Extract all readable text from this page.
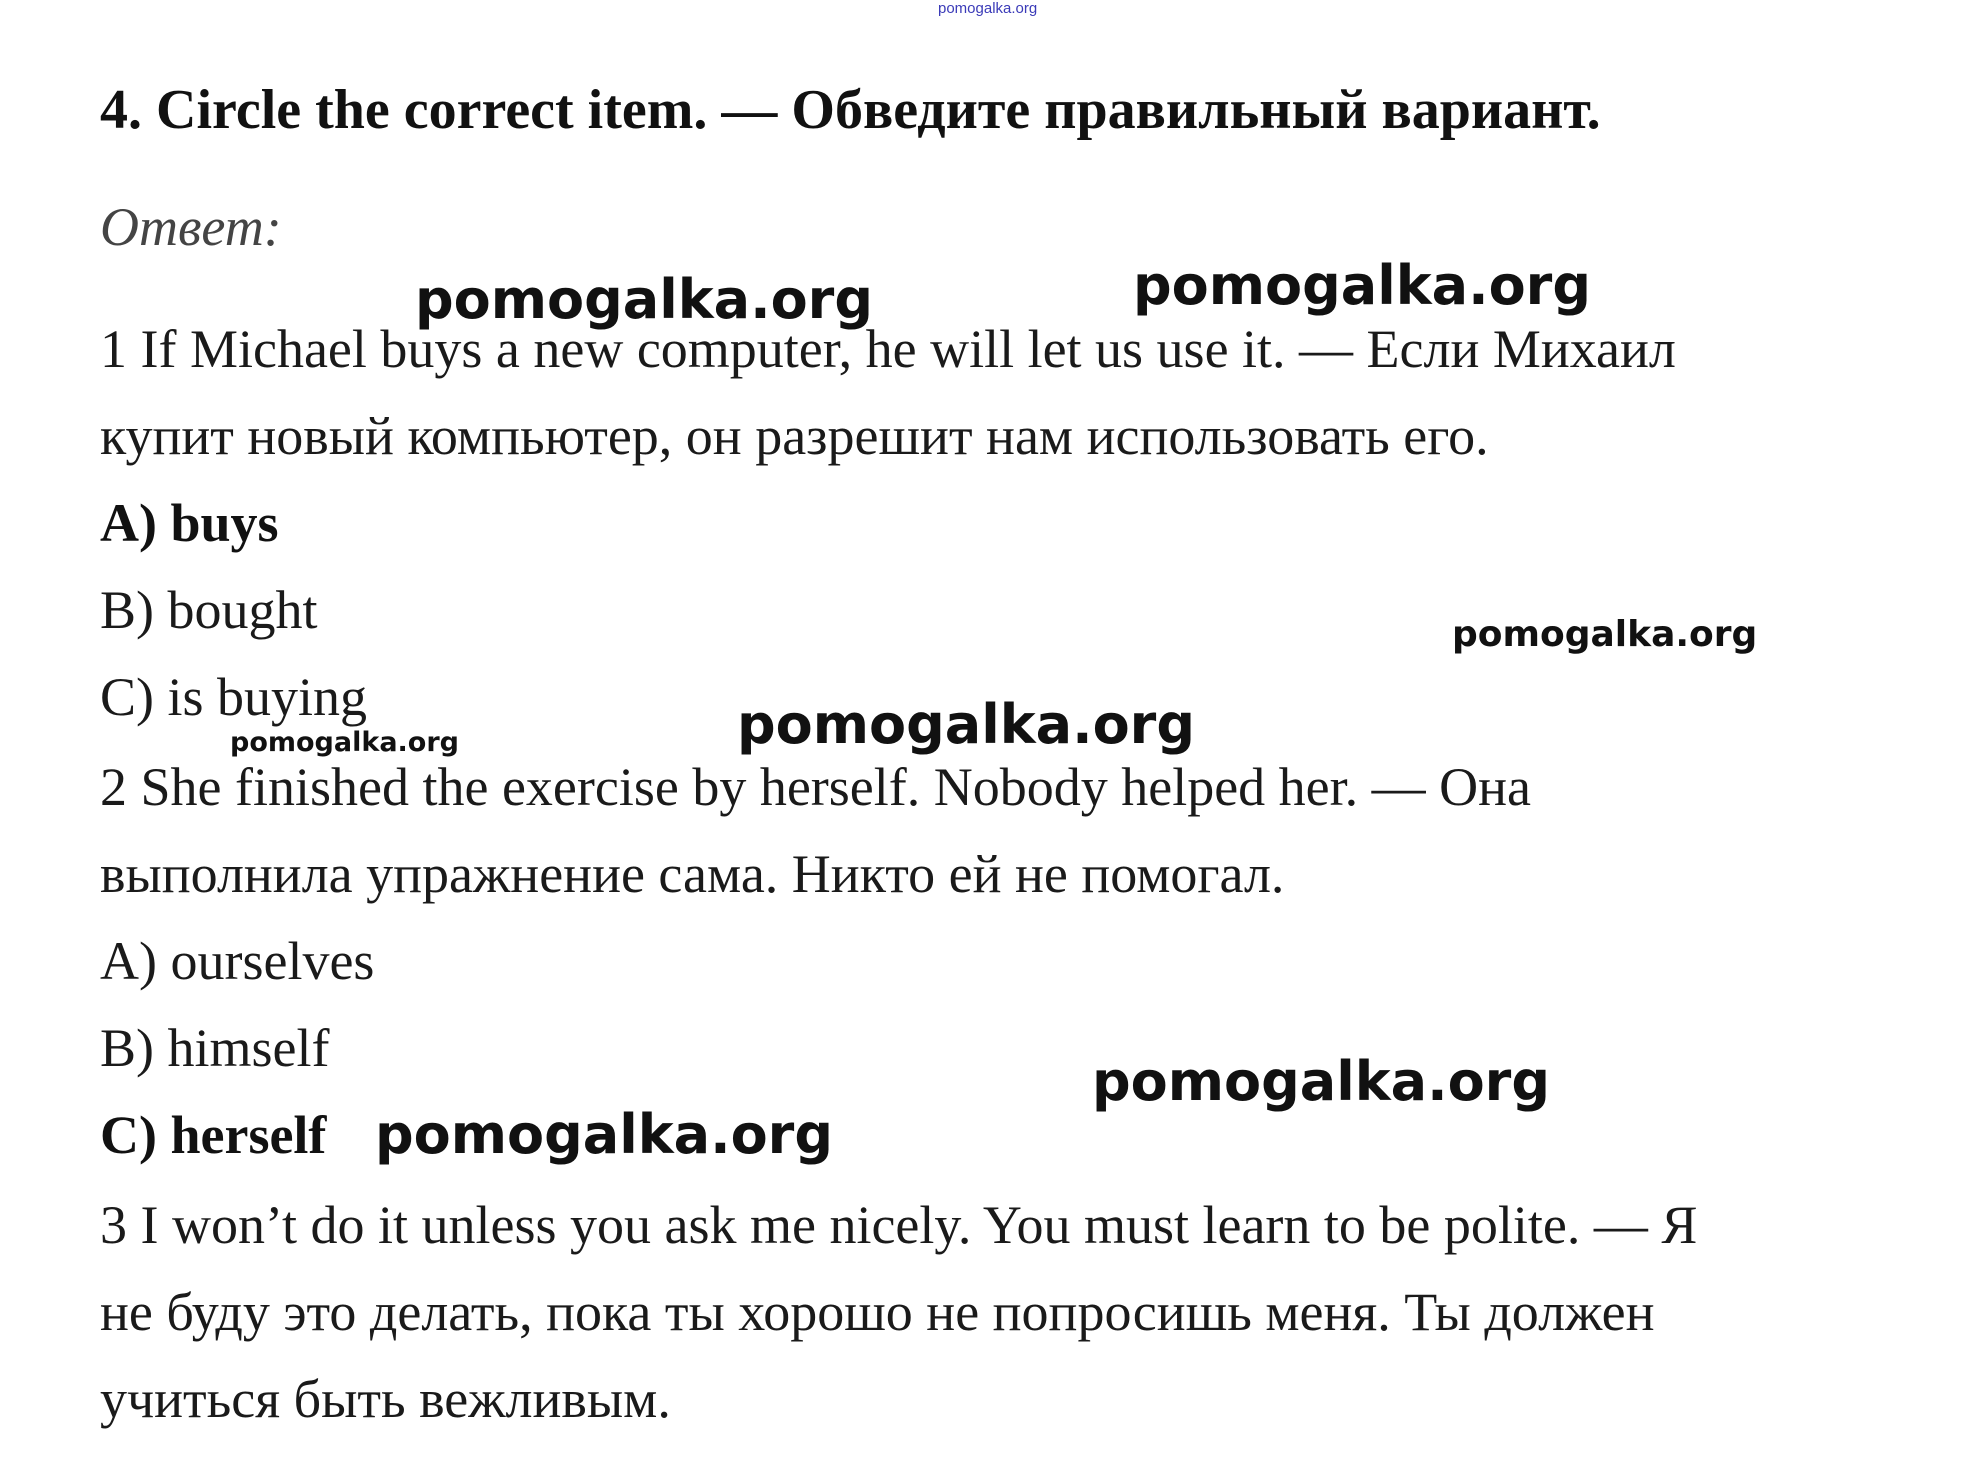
pomogalka.org
4. Circle the correct item. — Обведите правильный вариант.
Ответ:
1 If Michael buys a new computer, he will let us use it. — Если Михаил
купит новый компьютер, он разрешит нам использовать его.
A) buys
B) bought
C) is buying
2 She finished the exercise by herself. Nobody helped her. — Она
выполнила упражнение сама. Никто ей не помогал.
A) ourselves
B) himself
C) herself
3 I won’t do it unless you ask me nicely. You must learn to be polite. — Я
не буду это делать, пока ты хорошо не попросишь меня. Ты должен
учиться быть вежливым.
pomogalka.org	pomogalka.org
pomogalka.org
pomogalka.org
pomogalka.org
pomogalka.org
pomogalka.org
